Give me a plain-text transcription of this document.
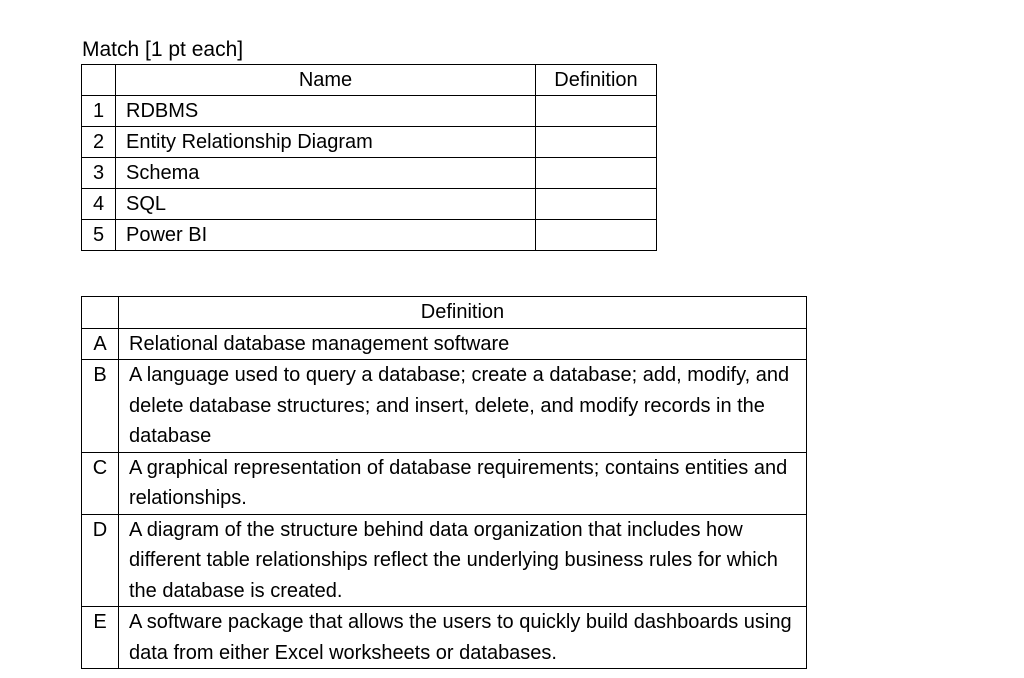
Match [1 pt each]
	Name	Definition
1	RDBMS	
2	Entity Relationship Diagram	
3	Schema	
4	SQL	
5	Power BI	
	Definition
A	Relational database management software
B	A language used to query a database; create a database; add, modify, and delete database structures; and insert, delete, and modify records in the database
C	A graphical representation of database requirements; contains entities and relationships.
D	A diagram of the structure behind data organization that includes how different table relationships reflect the underlying business rules for which the database is created.
E	A software package that allows the users to quickly build dashboards using data from either Excel worksheets or databases.
